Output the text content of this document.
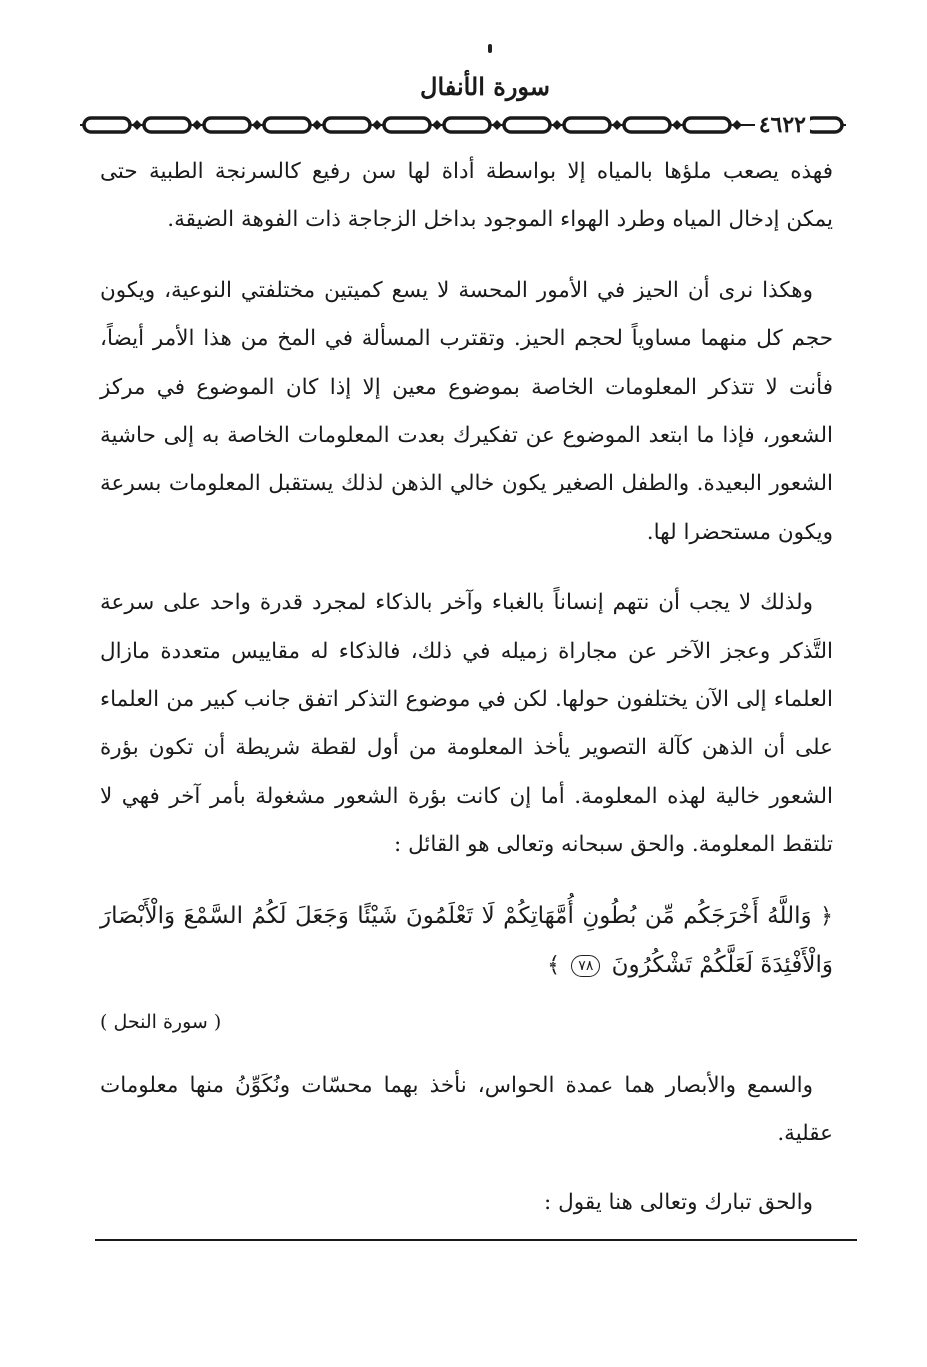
سورة الأنفال
٤٦٢٢

فهذه يصعب ملؤها بالمياه إلا بواسطة أداة لها سن رفيع كالسرنجة الطبية حتى يمكن إدخال المياه وطرد الهواء الموجود بداخل الزجاجة ذات الفوهة الضيقة.

وهكذا نرى أن الحيز في الأمور المحسة لا يسع كميتين مختلفتي النوعية، ويكون حجم كل منهما مساوياً لحجم الحيز. وتقترب المسألة في المخ من هذا الأمر أيضاً، فأنت لا تتذكر المعلومات الخاصة بموضوع معين إلا إذا كان الموضوع في مركز الشعور، فإذا ما ابتعد الموضوع عن تفكيرك بعدت المعلومات الخاصة به إلى حاشية الشعور البعيدة. والطفل الصغير يكون خالي الذهن لذلك يستقبل المعلومات بسرعة ويكون مستحضرا لها.

ولذلك لا يجب أن نتهم إنساناً بالغباء وآخر بالذكاء لمجرد قدرة واحد على سرعة التَّذكر وعجز الآخر عن مجاراة زميله في ذلك، فالذكاء له مقاييس متعددة مازال العلماء إلى الآن يختلفون حولها. لكن في موضوع التذكر اتفق جانب كبير من العلماء على أن الذهن كآلة التصوير يأخذ المعلومة من أول لقطة شريطة أن تكون بؤرة الشعور خالية لهذه المعلومة. أما إن كانت بؤرة الشعور مشغولة بأمر آخر فهي لا تلتقط المعلومة. والحق سبحانه وتعالى هو القائل :

﴿ وَاللَّهُ أَخْرَجَكُم مِّن بُطُونِ أُمَّهَاتِكُمْ لَا تَعْلَمُونَ شَيْئًا وَجَعَلَ لَكُمُ السَّمْعَ وَالْأَبْصَارَ وَالْأَفْئِدَةَ لَعَلَّكُمْ تَشْكُرُونَ ٧٨ ﴾

( سورة النحل )

والسمع والأبصار هما عمدة الحواس، نأخذ بهما محسّات ونُكَوِّنُ منها معلومات عقلية.

والحق تبارك وتعالى هنا يقول :
